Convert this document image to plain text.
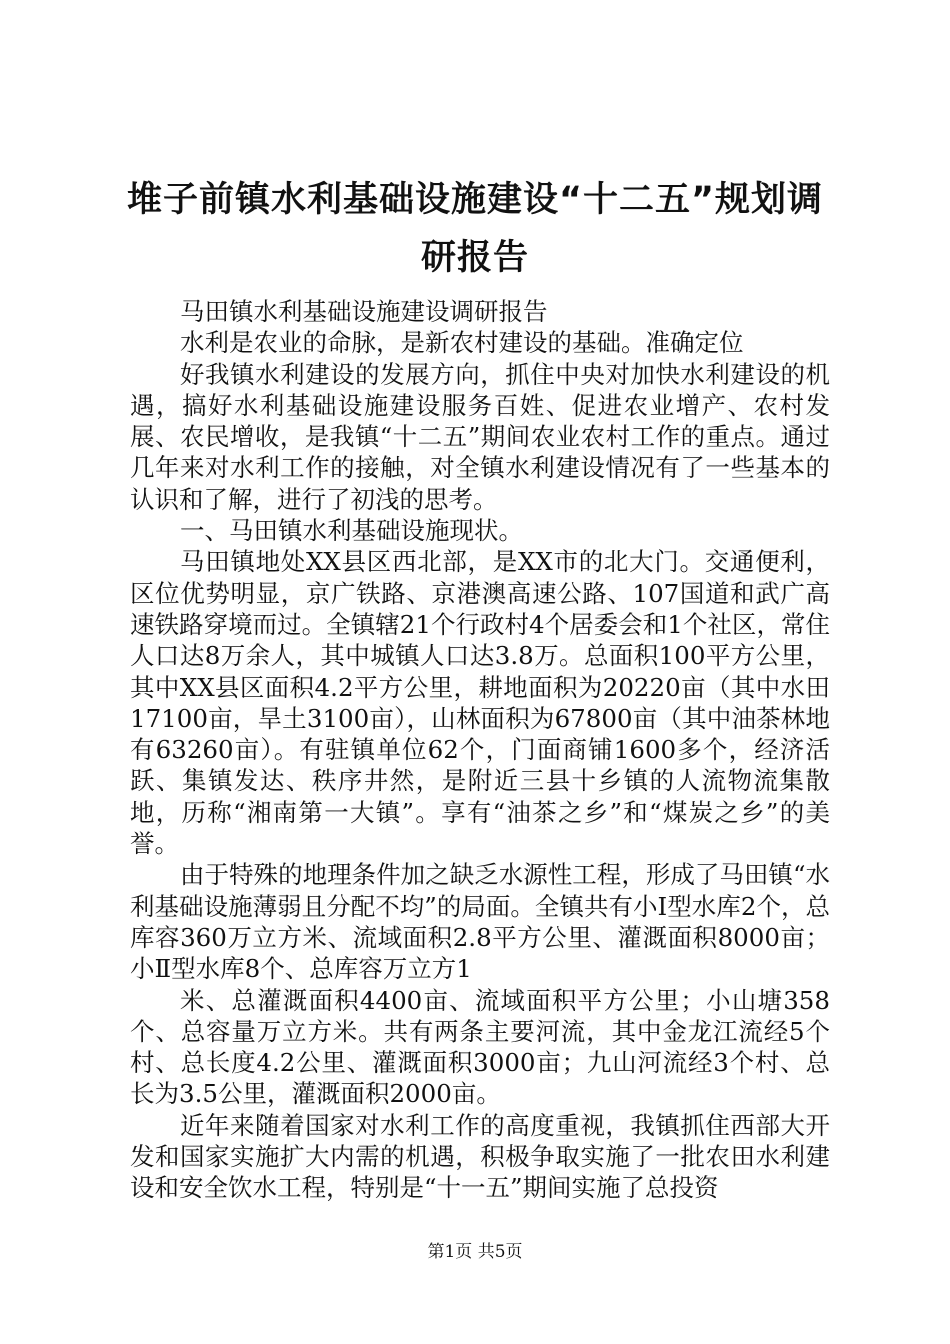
堆子前镇水利基础设施建设“十二五”规划调
研报告

马田镇水利基础设施建设调研报告

水利是农业的命脉，是新农村建设的基础。准确定位

好我镇水利建设的发展方向，抓住中央对加快水利建设的机遇，搞好水利基础设施建设服务百姓、促进农业增产、农村发展、农民增收，是我镇“十二五”期间农业农村工作的重点。通过几年来对水利工作的接触，对全镇水利建设情况有了一些基本的认识和了解，进行了初浅的思考。

一、马田镇水利基础设施现状。

马田镇地处XX县区西北部，是XX市的北大门。交通便利，区位优势明显，京广铁路、京港澳高速公路、107国道和武广高速铁路穿境而过。全镇辖21个行政村4个居委会和1个社区，常住人口达8万余人，其中城镇人口达3.8万。总面积100平方公里，其中XX县区面积4.2平方公里，耕地面积为20220亩（其中水田17100亩，旱土3100亩），山林面积为67800亩（其中油茶林地有63260亩）。有驻镇单位62个，门面商铺1600多个，经济活跃、集镇发达、秩序井然，是附近三县十乡镇的人流物流集散地，历称“湘南第一大镇”。享有“油茶之乡”和“煤炭之乡”的美誉。

由于特殊的地理条件加之缺乏水源性工程，形成了马田镇“水利基础设施薄弱且分配不均”的局面。全镇共有小Ⅰ型水库2个，总库容360万立方米、流域面积2.8平方公里、灌溉面积8000亩；小Ⅱ型水库8个、总库容万立方1

米、总灌溉面积4400亩、流域面积平方公里；小山塘358个、总容量万立方米。共有两条主要河流，其中金龙江流经5个村、总长度4.2公里、灌溉面积3000亩；九山河流经3个村、总长为3.5公里，灌溉面积2000亩。

近年来随着国家对水利工作的高度重视，我镇抓住西部大开发和国家实施扩大内需的机遇，积极争取实施了一批农田水利建设和安全饮水工程，特别是“十一五”期间实施了总投资

第1页 共5页
